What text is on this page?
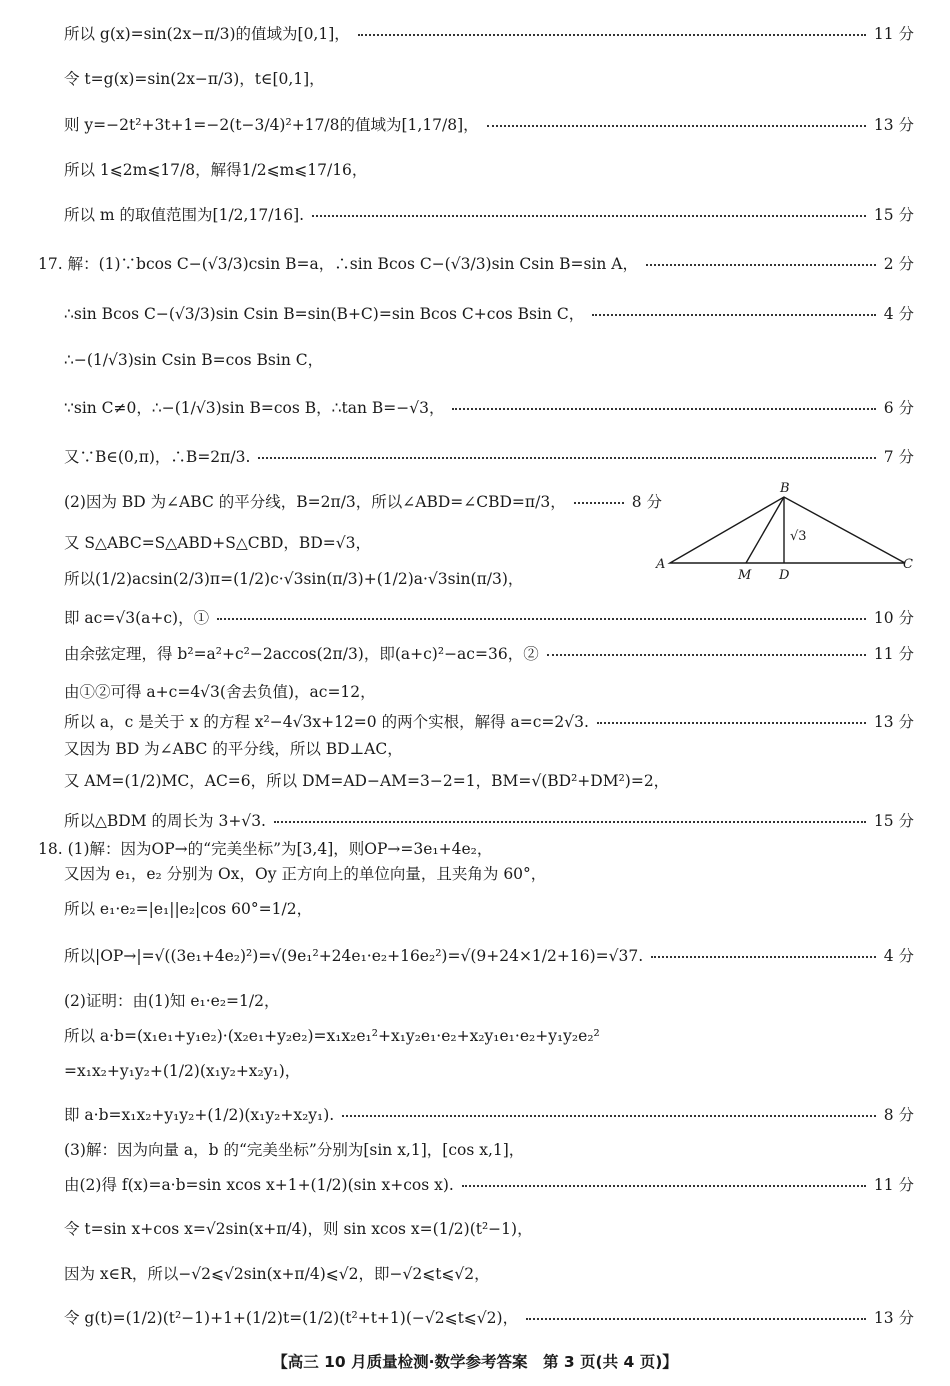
所以 g(x)=sin(2x−π/3)的值域为[0,1]，	11 分
令 t=g(x)=sin(2x−π/3)，t∈[0,1]，
则 y=−2t²+3t+1=−2(t−3/4)²+17/8的值域为[1,17/8]，	13 分
所以 1⩽2m⩽17/8，解得1/2⩽m⩽17/16，
所以 m 的取值范围为[1/2,17/16].	15 分
17. 解：(1)∵bcos C−(√3/3)csin B=a，∴sin Bcos C−(√3/3)sin Csin B=sin A，	2 分
∴sin Bcos C−(√3/3)sin Csin B=sin(B+C)=sin Bcos C+cos Bsin C，	4 分
∴−(1/√3)sin Csin B=cos Bsin C，
∵sin C≠0，∴−(1/√3)sin B=cos B，∴tan B=−√3，	6 分
又∵B∈(0,π)，∴B=2π/3.	7 分
(2)因为 BD 为∠ABC 的平分线，B=2π/3，所以∠ABD=∠CBD=π/3，	8 分
又 S△ABC=S△ABD+S△CBD，BD=√3，
所以(1/2)acsin(2/3)π=(1/2)c·√3sin(π/3)+(1/2)a·√3sin(π/3)，
即 ac=√3(a+c)，①	10 分
由余弦定理，得 b²=a²+c²−2accos(2π/3)，即(a+c)²−ac=36，②	11 分
由①②可得 a+c=4√3(舍去负值)，ac=12，
所以 a，c 是关于 x 的方程 x²−4√3x+12=0 的两个实根，解得 a=c=2√3.	13 分
又因为 BD 为∠ABC 的平分线，所以 BD⊥AC，
又 AM=(1/2)MC，AC=6，所以 DM=AD−AM=3−2=1，BM=√(BD²+DM²)=2，
所以△BDM 的周长为 3+√3.	15 分
18. (1)解：因为OP→的“完美坐标”为[3,4]，则OP→=3e₁+4e₂，
又因为 e₁，e₂ 分别为 Ox，Oy 正方向上的单位向量，且夹角为 60°，
所以 e₁·e₂=|e₁||e₂|cos 60°=1/2，
所以|OP→|=√((3e₁+4e₂)²)=√(9e₁²+24e₁·e₂+16e₂²)=√(9+24×1/2+16)=√37.	4 分
(2)证明：由(1)知 e₁·e₂=1/2，
所以 a·b=(x₁e₁+y₁e₂)·(x₂e₁+y₂e₂)=x₁x₂e₁²+x₁y₂e₁·e₂+x₂y₁e₁·e₂+y₁y₂e₂²
=x₁x₂+y₁y₂+(1/2)(x₁y₂+x₂y₁)，
即 a·b=x₁x₂+y₁y₂+(1/2)(x₁y₂+x₂y₁).	8 分
(3)解：因为向量 a，b 的“完美坐标”分别为[sin x,1]，[cos x,1]，
由(2)得 f(x)=a·b=sin xcos x+1+(1/2)(sin x+cos x).	11 分
令 t=sin x+cos x=√2sin(x+π/4)，则 sin xcos x=(1/2)(t²−1)，
因为 x∈R，所以−√2⩽√2sin(x+π/4)⩽√2，即−√2⩽t⩽√2，
令 g(t)=(1/2)(t²−1)+1+(1/2)t=(1/2)(t²+t+1)(−√2⩽t⩽√2)，	13 分
B
A	C
M D
√3
【高三 10 月质量检测·数学参考答案　第 3 页(共 4 页)】
